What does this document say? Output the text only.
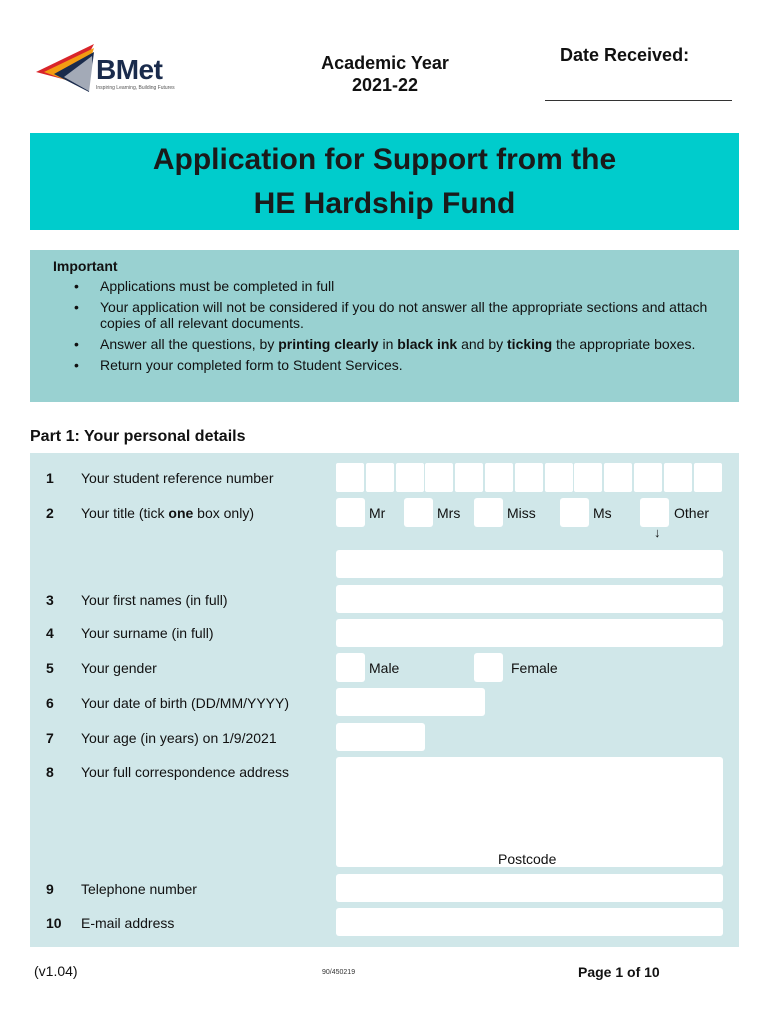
BMet
Inspiring Learning, Building Futures
Academic Year
2021-22
Date Received:
Application for Support from the
HE Hardship Fund
Important
• Applications must be completed in full
• Your application will not be considered if you do not answer all the appropriate sections and attach copies of all relevant documents.
• Answer all the questions, by printing clearly in black ink and by ticking the appropriate boxes.
• Return your completed form to Student Services.
Part 1: Your personal details
1	Your student reference number
2	Your title (tick one box only)	Mr	Mrs	Miss	Ms	Other
↓
3	Your first names (in full)
4	Your surname (in full)
5	Your gender	Male	Female
6	Your date of birth (DD/MM/YYYY)
7	Your age (in years) on 1/9/2021
8	Your full correspondence address
Postcode
9	Telephone number
10	E-mail address
(v1.04)	90/450219	Page 1 of 10
